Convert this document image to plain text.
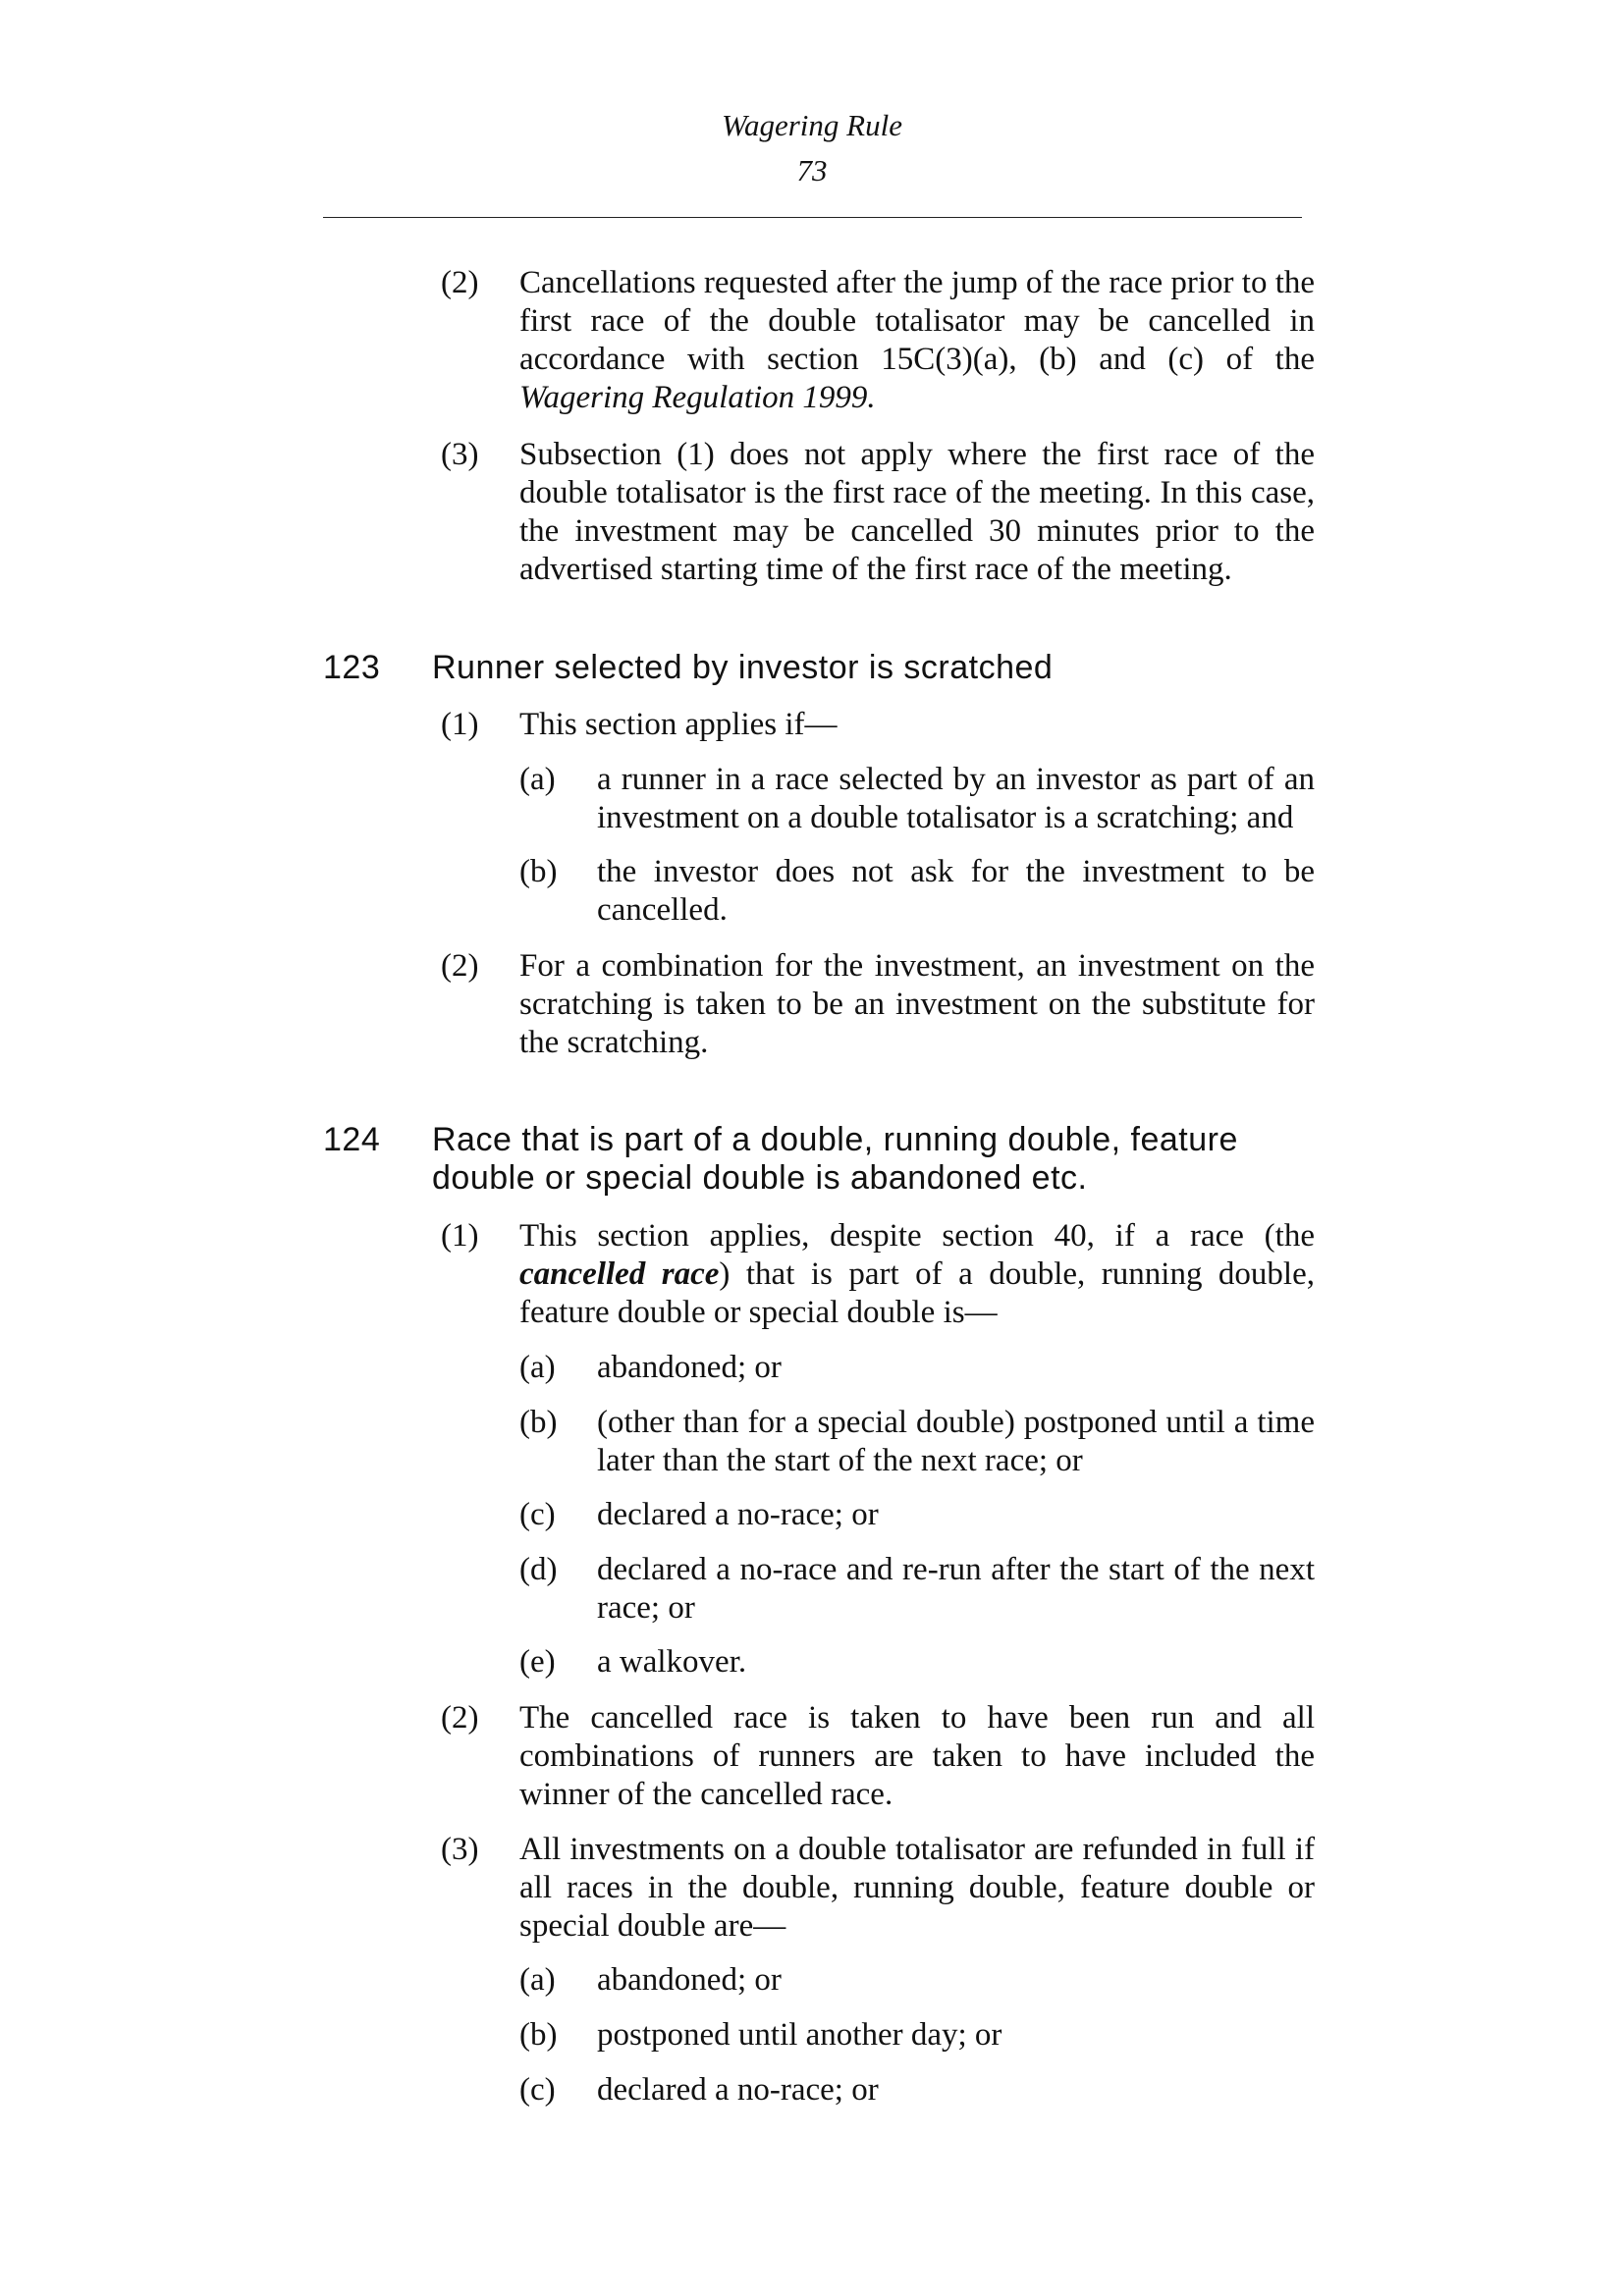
Wagering Rule
73
(2)	Cancellations requested after the jump of the race prior to the first race of the double totalisator may be cancelled in accordance with section 15C(3)(a), (b) and (c) of the Wagering Regulation 1999.
(3)	Subsection (1) does not apply where the first race of the double totalisator is the first race of the meeting. In this case, the investment may be cancelled 30 minutes prior to the advertised starting time of the first race of the meeting.
123 Runner selected by investor is scratched
(1)	This section applies if—
(a)	a runner in a race selected by an investor as part of an investment on a double totalisator is a scratching; and
(b)	the investor does not ask for the investment to be cancelled.
(2)	For a combination for the investment, an investment on the scratching is taken to be an investment on the substitute for the scratching.
124 Race that is part of a double, running double, feature
double or special double is abandoned etc.
(1)	This section applies, despite section 40, if a race (the cancelled race) that is part of a double, running double, feature double or special double is—
(a)	abandoned; or
(b)	(other than for a special double) postponed until a time later than the start of the next race; or
(c)	declared a no-race; or
(d)	declared a no-race and re-run after the start of the next race; or
(e)	a walkover.
(2)	The cancelled race is taken to have been run and all combinations of runners are taken to have included the winner of the cancelled race.
(3)	All investments on a double totalisator are refunded in full if all races in the double, running double, feature double or special double are—
(a)	abandoned; or
(b)	postponed until another day; or
(c)	declared a no-race; or
